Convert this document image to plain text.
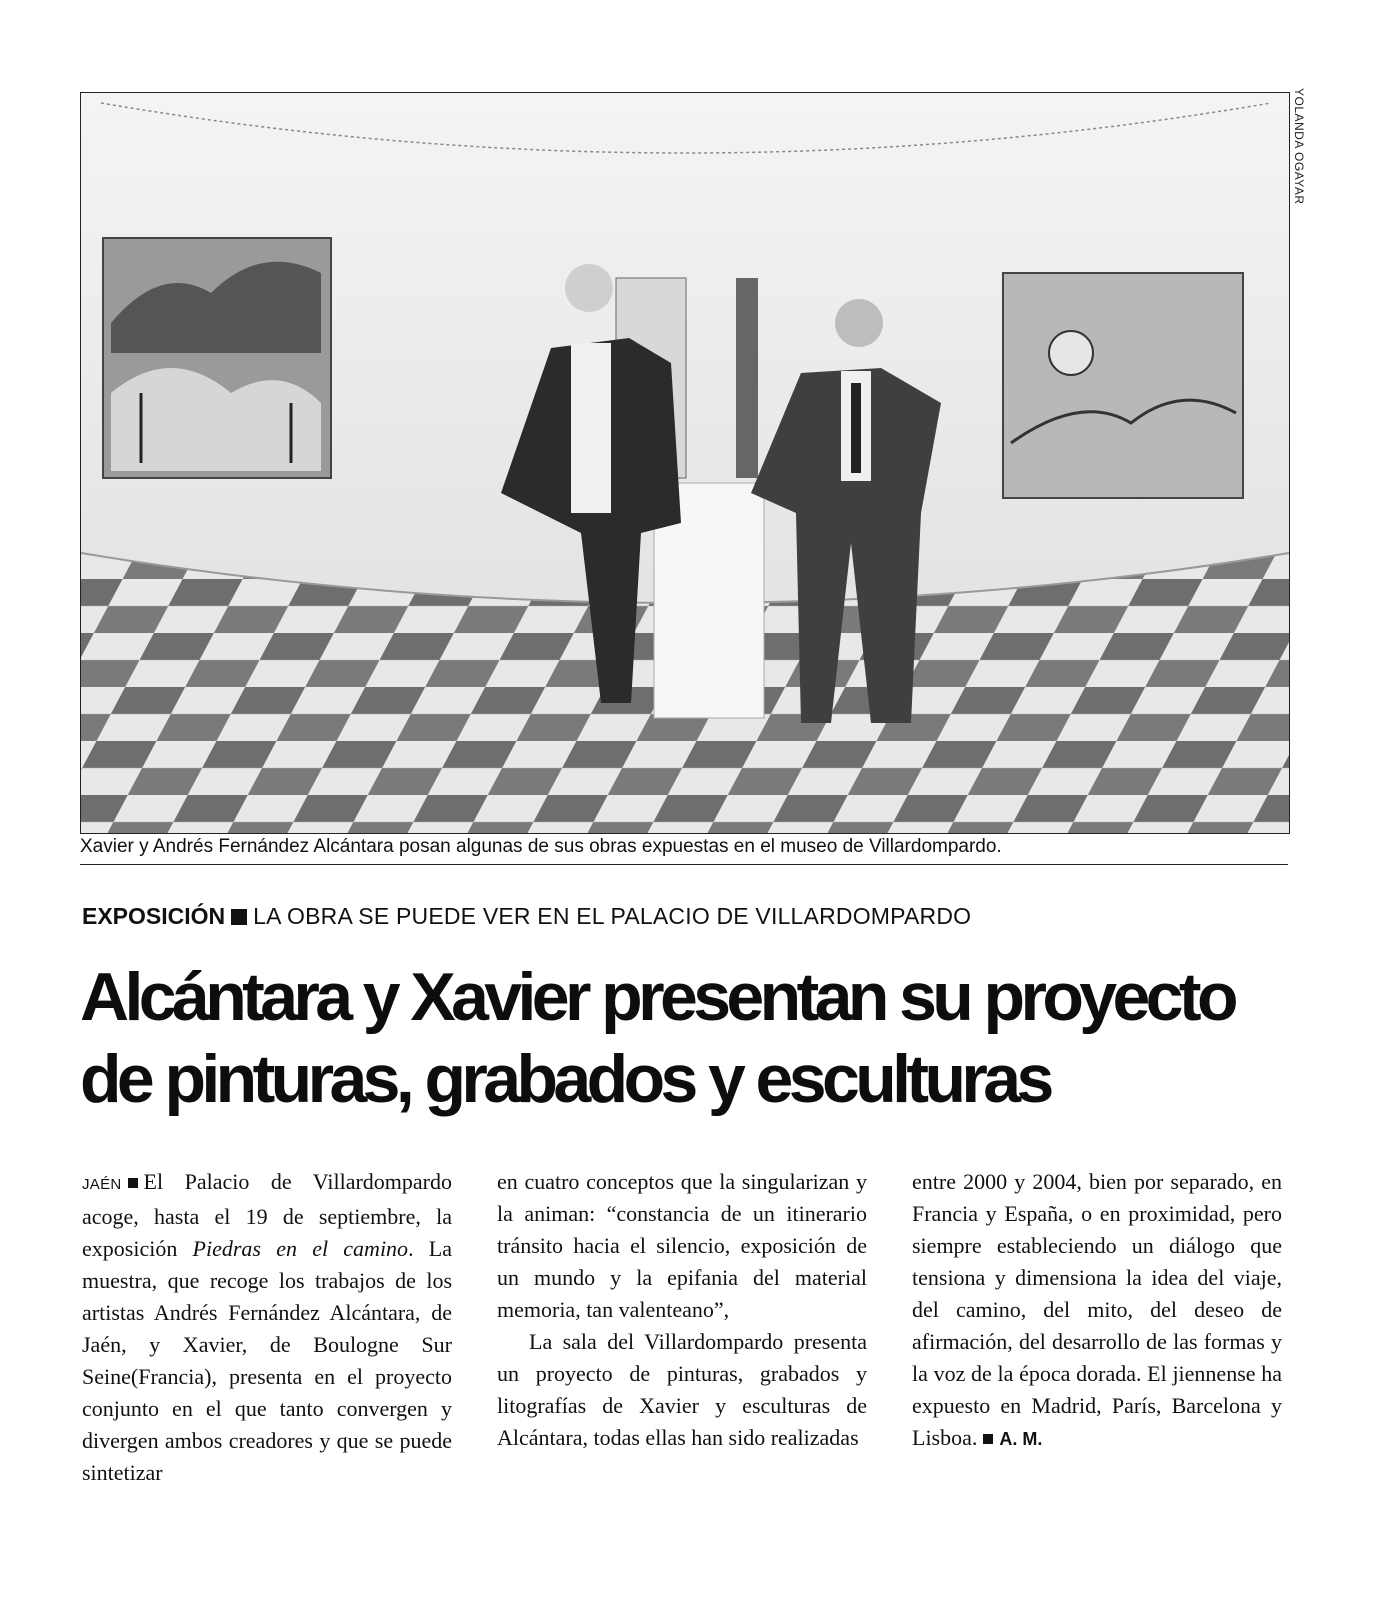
YOLANDA OGAYAR
Xavier y Andrés Fernández Alcántara posan algunas de sus obras expuestas en el museo de Villardompardo.
EXPOSICIÓN LA OBRA SE PUEDE VER EN EL PALACIO DE VILLARDOMPARDO
Alcántara y Xavier presentan su proyecto
de pinturas, grabados y esculturas

JAÉN El Palacio de Villardompardo acoge, hasta el 19 de septiembre, la exposición Piedras en el camino. La muestra, que recoge los trabajos de los artistas Andrés Fernández Alcántara, de Jaén, y Xavier, de Boulogne Sur Seine(Francia), presenta en el proyecto conjunto en el que tanto convergen y divergen ambos creadores y que se puede sintetizar

en cuatro conceptos que la singularizan y la animan: “constancia de un itinerario tránsito hacia el silencio, exposición de un mundo y la epifania del material memoria, tan valenteano”,

La sala del Villardompardo presenta un proyecto de pinturas, grabados y litografías de Xavier y esculturas de Alcántara, todas ellas han sido realizadas

entre 2000 y 2004, bien por separado, en Francia y España, o en proximidad, pero siempre estableciendo un diálogo que tensiona y dimensiona la idea del viaje, del camino, del mito, del deseo de afirmación, del desarrollo de las formas y la voz de la época dorada. El jiennense ha expuesto en Madrid, París, Barcelona y Lisboa. A. M.
